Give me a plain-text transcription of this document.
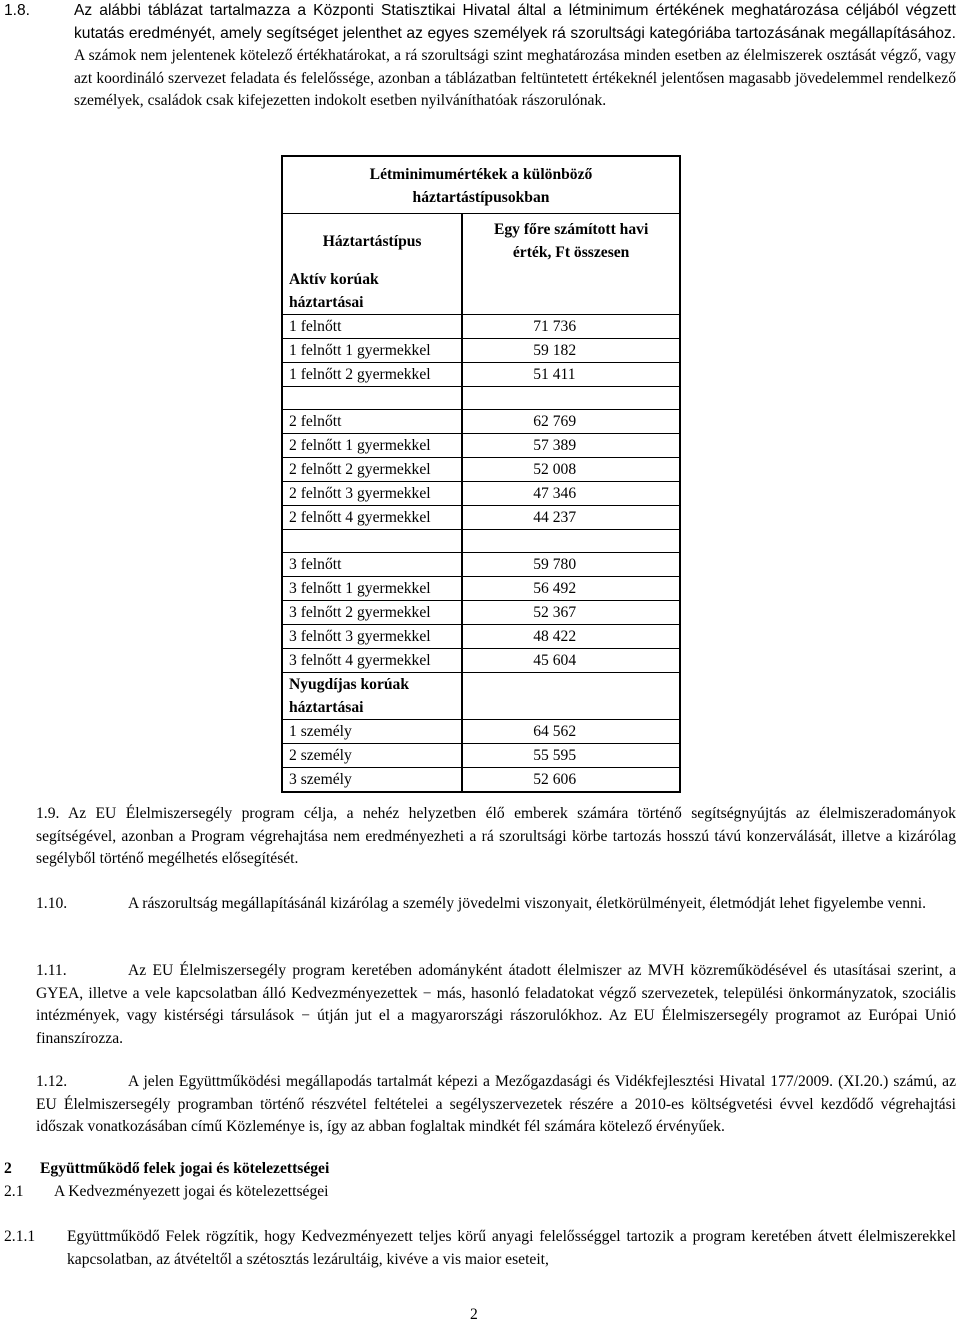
1.8.	Az alábbi táblázat tartalmazza a Központi Statisztikai Hivatal által a létminimum értékének meghatározása céljából végzett kutatás eredményét, amely segítséget jelenthet az egyes személyek rá szorultsági kategóriába tartozásának megállapításához. A számok nem jelentenek kötelező értékhatárokat, a rá szorultsági szint meghatározása minden esetben az élelmiszerek osztását végző, vagy azt koordináló szervezet feladata és felelőssége, azonban a táblázatban feltüntetett értékeknél jelentősen magasabb jövedelemmel rendelkező személyek, családok csak kifejezetten indokolt esetben nyilváníthatóak rászorulónak.
Létminimumértékek a különböző háztartástípusokban	
Háztartástípus	Egy főre számított havi érték, Ft összesen
Aktív korúak háztartásai	
1 felnőtt	71 736
1 felnőtt 1 gyermekkel	59 182
1 felnőtt 2 gyermekkel	51 411

2 felnőtt	62 769
2 felnőtt 1 gyermekkel	57 389
2 felnőtt 2 gyermekkel	52 008
2 felnőtt 3 gyermekkel	47 346
2 felnőtt 4 gyermekkel	44 237

3 felnőtt	59 780
3 felnőtt 1 gyermekkel	56 492
3 felnőtt 2 gyermekkel	52 367
3 felnőtt 3 gyermekkel	48 422
3 felnőtt 4 gyermekkel	45 604
Nyugdíjas korúak háztartásai	
1 személy	64 562
2 személy	55 595
3 személy	52 606
1.9. Az EU Élelmiszersegély program célja, a nehéz helyzetben élő emberek számára történő segítségnyújtás az élelmiszeradományok segítségével, azonban a Program végrehajtása nem eredményezheti a rá szorultsági körbe tartozás hosszú távú konzerválását, illetve a kizárólag segélyből történő megélhetés elősegítését.
1.10.	A rászorultság megállapításánál kizárólag a személy jövedelmi viszonyait, életkörülményeit, életmódját lehet figyelembe venni.
1.11.	Az EU Élelmiszersegély program keretében adományként átadott élelmiszer az MVH közreműködésével és utasításai szerint, a GYEA, illetve a vele kapcsolatban álló Kedvezményezettek − más, hasonló feladatokat végző szervezetek, települési önkormányzatok, szociális intézmények, vagy kistérségi társulások − útján jut el a magyarországi rászorulókhoz. Az EU Élelmiszersegély programot az Európai Unió finanszírozza.
1.12.	A jelen Együttműködési megállapodás tartalmát képezi a Mezőgazdasági és Vidékfejlesztési Hivatal 177/2009. (XI.20.) számú, az EU Élelmiszersegély programban történő részvétel feltételei a segélyszervezetek részére a 2010-es költségvetési évvel kezdődő végrehajtási időszak vonatkozásában című Közleménye is, így az abban foglaltak mindkét fél számára kötelező érvényűek.
2 Együttműködő felek jogai és kötelezettségei
2.1 A Kedvezményezett jogai és kötelezettségei
2.1.1	Együttműködő Felek rögzítik, hogy Kedvezményezett teljes körű anyagi felelősséggel tartozik a program keretében átvett élelmiszerekkel kapcsolatban, az átvételtől a szétosztás lezárultáig, kivéve a vis maior eseteit,
2
